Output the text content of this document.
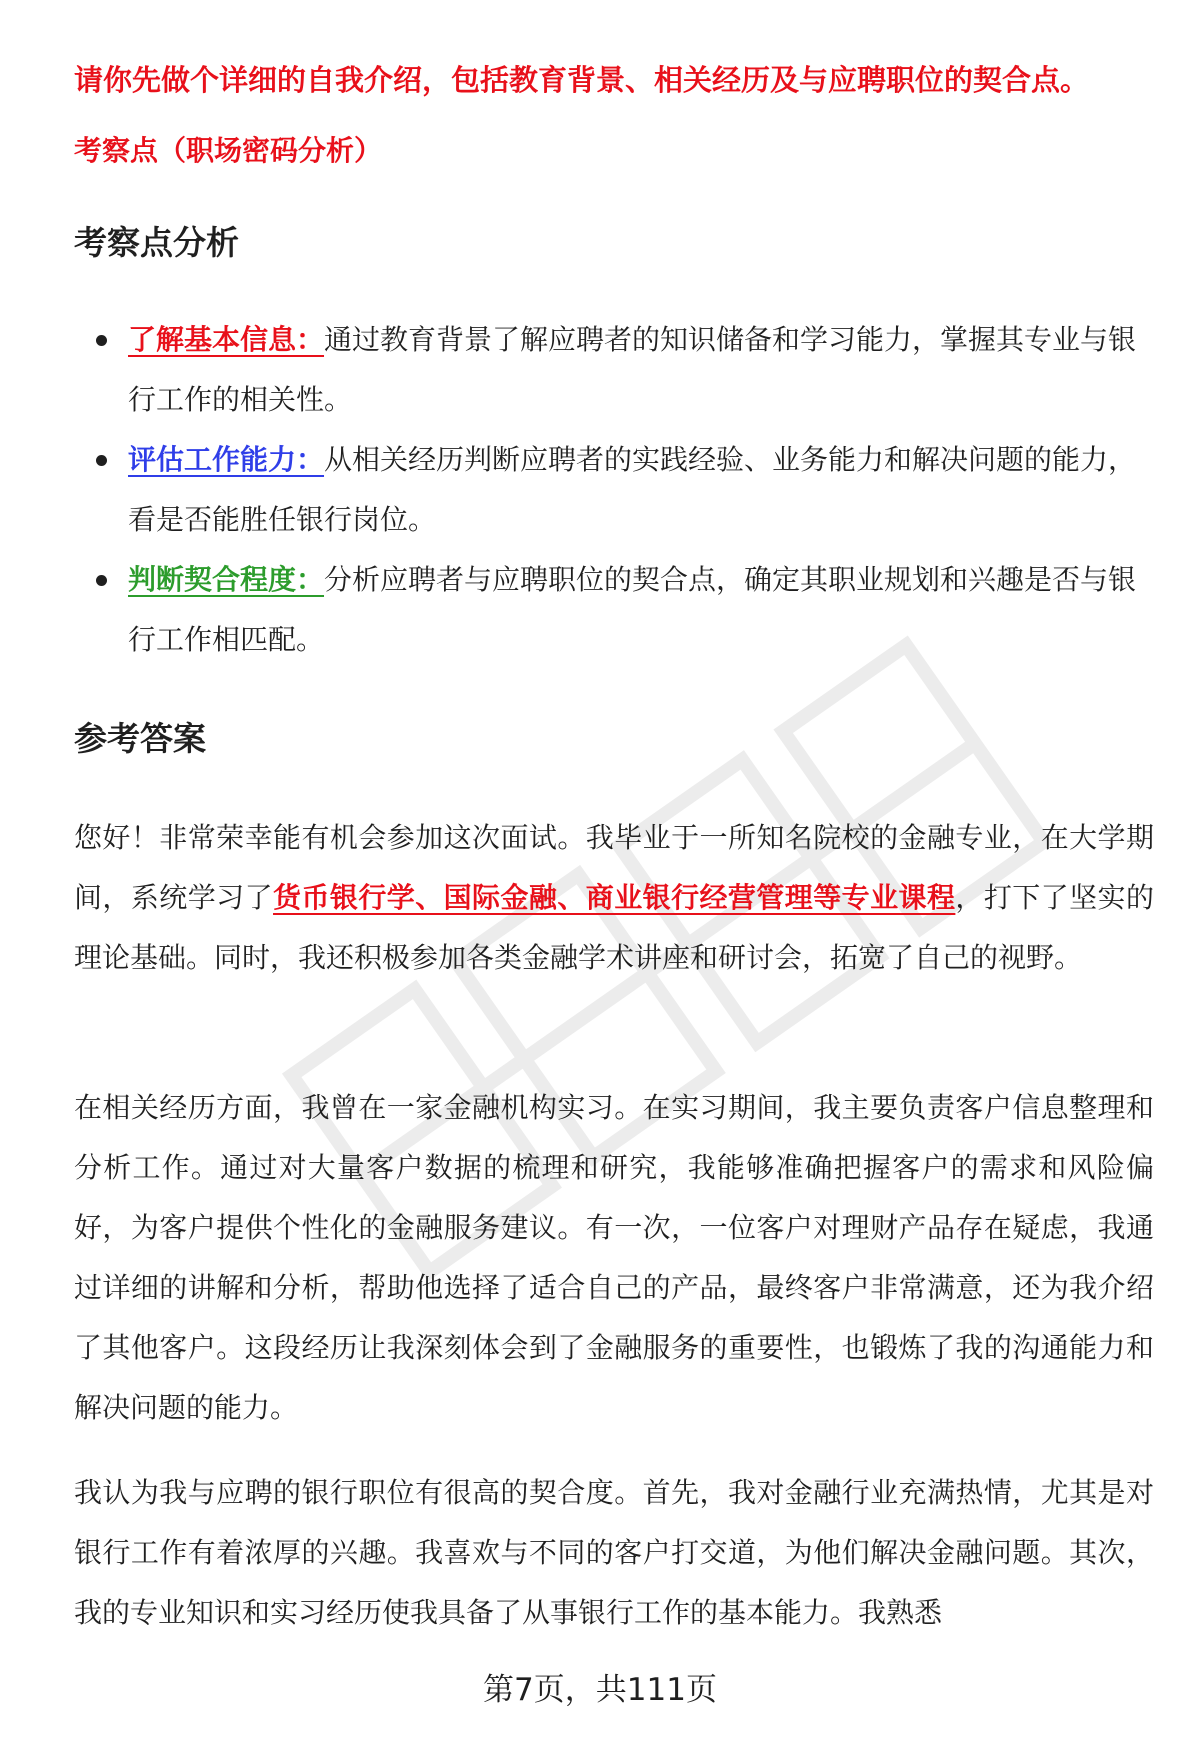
请你先做个详细的自我介绍，包括教育背景、相关经历及与应聘职位的契合点。
考察点（职场密码分析）
考察点分析
了解基本信息：通过教育背景了解应聘者的知识储备和学习能力，掌握其专业与银行工作的相关性。
评估工作能力：从相关经历判断应聘者的实践经验、业务能力和解决问题的能力，看是否能胜任银行岗位。
判断契合程度：分析应聘者与应聘职位的契合点，确定其职业规划和兴趣是否与银行工作相匹配。
参考答案

您好！非常荣幸能有机会参加这次面试。我毕业于一所知名院校的金融专业，在大学期间，系统学习了货币银行学、国际金融、商业银行经营管理等专业课程，打下了坚实的理论基础。同时，我还积极参加各类金融学术讲座和研讨会，拓宽了自己的视野。

在相关经历方面，我曾在一家金融机构实习。在实习期间，我主要负责客户信息整理和分析工作。通过对大量客户数据的梳理和研究，我能够准确把握客户的需求和风险偏好，为客户提供个性化的金融服务建议。有一次，一位客户对理财产品存在疑虑，我通过详细的讲解和分析，帮助他选择了适合自己的产品，最终客户非常满意，还为我介绍了其他客户。这段经历让我深刻体会到了金融服务的重要性，也锻炼了我的沟通能力和解决问题的能力。

我认为我与应聘的银行职位有很高的契合度。首先，我对金融行业充满热情，尤其是对银行工作有着浓厚的兴趣。我喜欢与不同的客户打交道，为他们解决金融问题。其次，我的专业知识和实习经历使我具备了从事银行工作的基本能力。我熟悉

第7页，共111页
